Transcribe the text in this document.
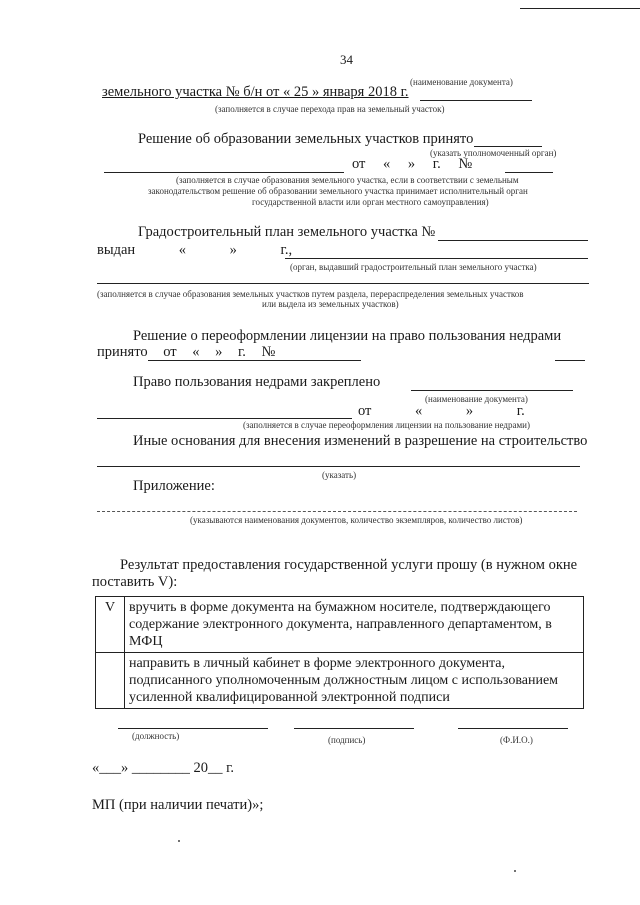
34
(наименование документа)
земельного участка № б/н от « 25 » января 2018 г.
(заполняется в случае перехода прав на земельный участок)
Решение об образовании земельных участков принято
(указать уполномоченный орган)
от « » г. №
(заполняется в случае образования земельного участка, если в соответствии с земельным
законодательством решение об образовании земельного участка принимает исполнительный орган
государственной власти или орган местного самоуправления)
Градостроительный план земельного участка №
выдан « » г.,
(орган, выдавший градостроительный план земельного участка)
(заполняется в случае образования земельных участков путем раздела, перераспределения земельных участков
или выдела из земельных участков)
Решение о переоформлении лицензии на право пользования недрами
принято от « » г. №
Право пользования недрами закреплено
(наименование документа)
от « » г.
(заполняется в случае переоформления лицензии на пользование недрами)
Иные основания для внесения изменений в разрешение на строительство
(указать)
Приложение:
(указываются наименования документов, количество экземпляров, количество листов)
Результат предоставления государственной услуги прошу (в нужном окне
поставить V):
V	вручить в форме документа на бумажном носителе, подтверждающего
содержание электронного документа, направленного департаментом, в
МФЦ

	направить в личный кабинет в форме электронного документа,
подписанного уполномоченным должностным лицом с использованием
усиленной квалифицированной электронной подписи
(должность)	(подпись)	(Ф.И.О.)
«___» ________ 20__ г.
МП (при наличии печати)»;
